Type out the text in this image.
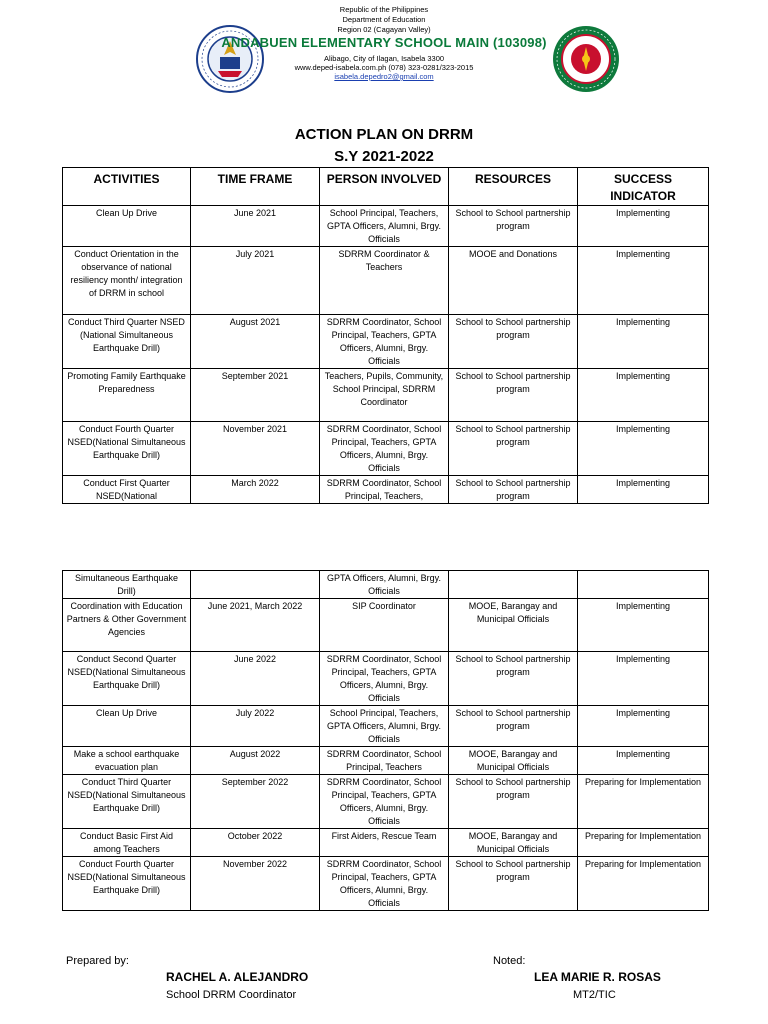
Republic of the Philippines
Department of Education
Region 02 (Cagayan Valley)
ANDABUEN ELEMENTARY SCHOOL MAIN (103098)
Alibago, City of Ilagan, Isabela 3300
www.deped-isabela.com.ph (078) 323-0281/323-2015
isabela.depedro2@gmail.com
ACTION PLAN ON DRRM
S.Y 2021-2022
ACTIVITIES	TIME FRAME	PERSON INVOLVED	RESOURCES	SUCCESS INDICATOR
Clean Up Drive	June 2021	School Principal, Teachers, GPTA Officers, Alumni, Brgy. Officials	School to School partnership program	Implementing
Conduct Orientation in the observance of national resiliency month/ integration of DRRM in school	July 2021	SDRRM Coordinator & Teachers	MOOE and Donations	Implementing
Conduct Third Quarter NSED (National Simultaneous Earthquake Drill)	August 2021	SDRRM Coordinator, School Principal, Teachers, GPTA Officers, Alumni, Brgy. Officials	School to School partnership program	Implementing
Promoting Family Earthquake Preparedness	September 2021	Teachers, Pupils, Community, School Principal, SDRRM Coordinator	School to School partnership program	Implementing
Conduct Fourth Quarter NSED(National Simultaneous Earthquake Drill)	November 2021	SDRRM Coordinator, School Principal, Teachers, GPTA Officers, Alumni, Brgy. Officials	School to School partnership program	Implementing
Conduct First Quarter NSED(National	March 2022	SDRRM Coordinator, School Principal, Teachers,	School to School partnership program	Implementing
Simultaneous Earthquake Drill)		GPTA Officers, Alumni, Brgy. Officials		
Coordination with Education Partners & Other Government Agencies	June 2021, March 2022	SIP Coordinator	MOOE, Barangay and Municipal Officials	Implementing
Conduct Second Quarter NSED(National Simultaneous Earthquake Drill)	June 2022	SDRRM Coordinator, School Principal, Teachers, GPTA Officers, Alumni, Brgy. Officials	School to School partnership program	Implementing
Clean Up Drive	July 2022	School Principal, Teachers, GPTA Officers, Alumni, Brgy. Officials	School to School partnership program	Implementing
Make a school earthquake evacuation plan	August 2022	SDRRM Coordinator, School Principal, Teachers	MOOE, Barangay and Municipal Officials	Implementing
Conduct Third Quarter NSED(National Simultaneous Earthquake Drill)	September 2022	SDRRM Coordinator, School Principal, Teachers, GPTA Officers, Alumni, Brgy. Officials	School to School partnership program	Preparing for Implementation
Conduct Basic First Aid among Teachers	October 2022	First Aiders, Rescue Team	MOOE, Barangay and Municipal Officials	Preparing for Implementation
Conduct Fourth Quarter NSED(National Simultaneous Earthquake Drill)	November 2022	SDRRM Coordinator, School Principal, Teachers, GPTA Officers, Alumni, Brgy. Officials	School to School partnership program	Preparing for Implementation
Prepared by:
RACHEL A. ALEJANDRO
School DRRM Coordinator
Noted:
LEA MARIE R. ROSAS
MT2/TIC
